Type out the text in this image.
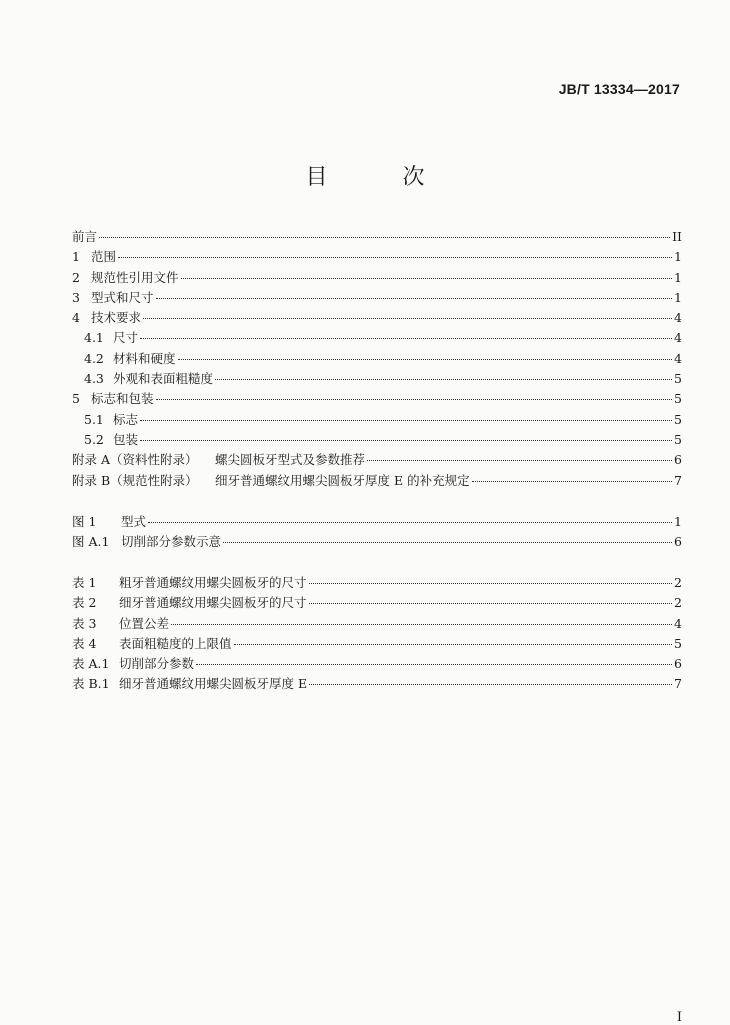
JB/T 13334—2017
目 次
前言	II
1 范围	1
2 规范性引用文件	1
3 型式和尺寸	1
4 技术要求	4
4.1 尺寸	4
4.2 材料和硬度	4
4.3 外观和表面粗糙度	5
5 标志和包装	5
5.1 标志	5
5.2 包装	5
附录 A（资料性附录）	螺尖圆板牙型式及参数推荐	6
附录 B（规范性附录）	细牙普通螺纹用螺尖圆板牙厚度 E 的补充规定	7
图 1	型式	1
图 A.1 切削部分参数示意	6
表 1	粗牙普通螺纹用螺尖圆板牙的尺寸	2
表 2	细牙普通螺纹用螺尖圆板牙的尺寸	2
表 3	位置公差	4
表 4	表面粗糙度的上限值	5
表 A.1 切削部分参数	6
表 B.1 细牙普通螺纹用螺尖圆板牙厚度 E	7
I
